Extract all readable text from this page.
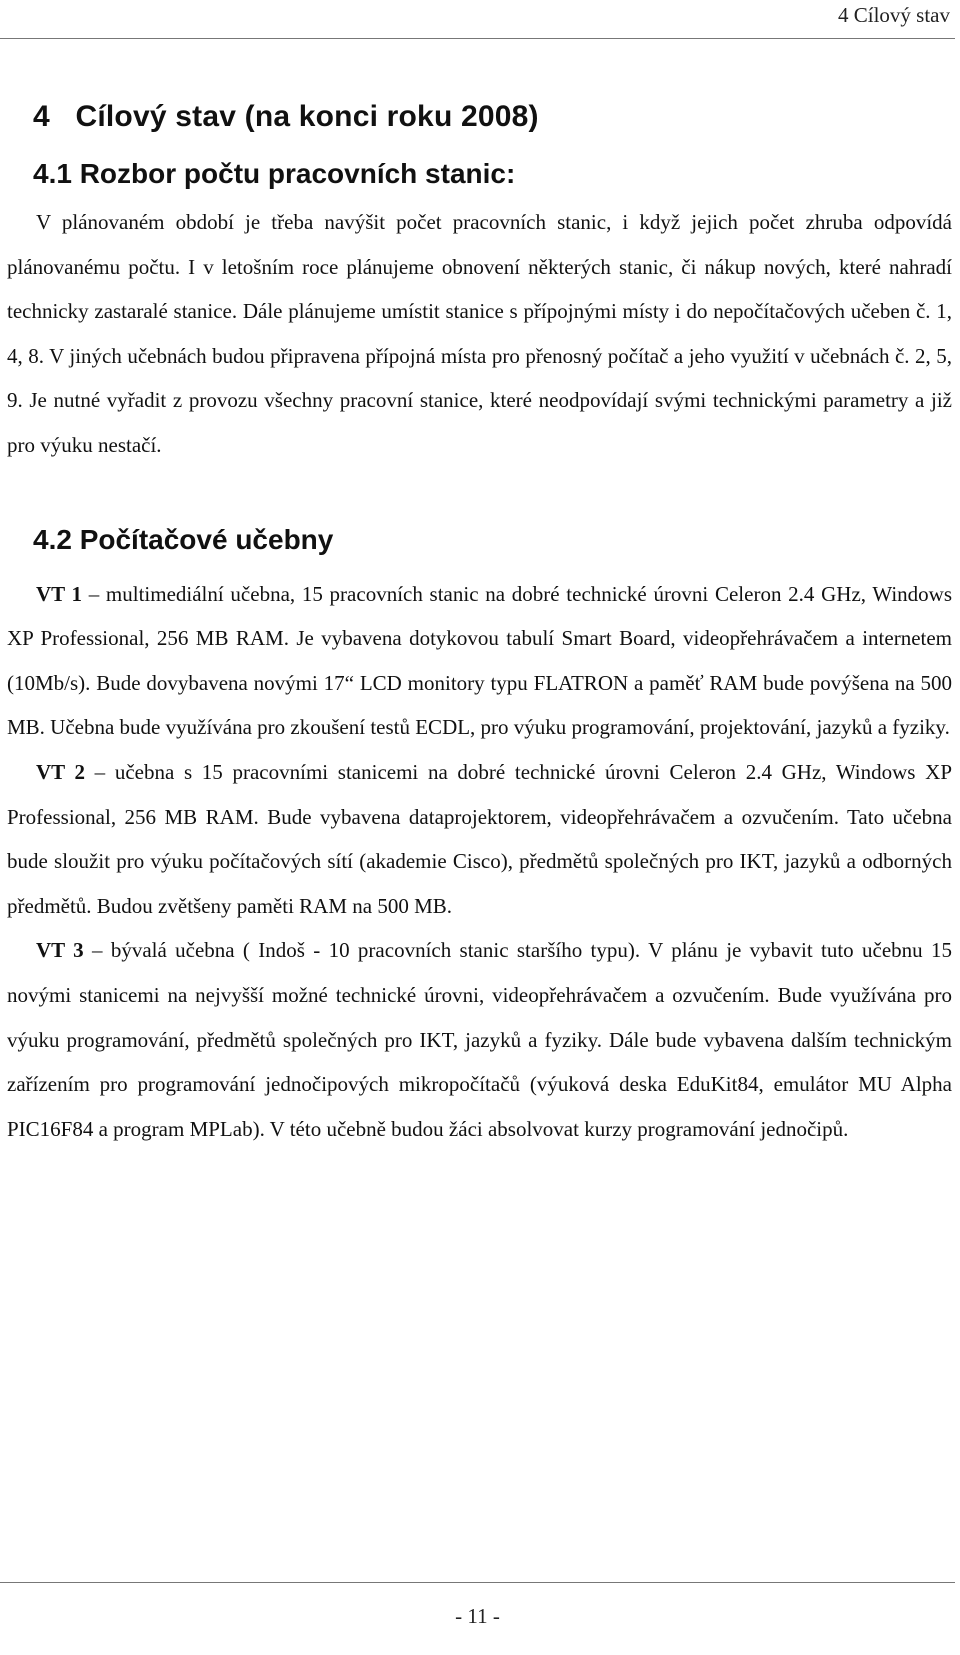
4 Cílový stav
4   Cílový stav (na konci roku 2008)
4.1 Rozbor počtu pracovních stanic:

V plánovaném období je třeba navýšit počet pracovních stanic, i když jejich počet zhruba odpovídá plánovanému počtu. I v letošním roce plánujeme obnovení některých stanic, či nákup nových, které nahradí technicky zastaralé stanice. Dále plánujeme umístit stanice s přípojnými místy i do nepočítačových učeben č. 1, 4, 8. V jiných učebnách budou připravena přípojná místa pro přenosný počítač a jeho využití v učebnách č. 2, 5, 9. Je nutné vyřadit z provozu všechny pracovní stanice, které neodpovídají svými technickými parametry a již pro výuku nestačí.

4.2 Počítačové učebny

VT 1 – multimediální učebna, 15 pracovních stanic na dobré technické úrovni Celeron 2.4 GHz, Windows XP Professional, 256 MB RAM. Je vybavena dotykovou tabulí Smart Board, videopřehrávačem a internetem (10Mb/s). Bude dovybavena novými 17“ LCD monitory typu FLATRON a paměť RAM bude povýšena na 500 MB. Učebna bude využívána pro zkoušení testů ECDL, pro výuku programování, projektování, jazyků a fyziky.

VT 2 – učebna s 15 pracovními stanicemi na dobré technické úrovni Celeron 2.4 GHz, Windows XP Professional, 256 MB RAM. Bude vybavena dataprojektorem, videopřehrávačem a ozvučením. Tato učebna bude sloužit pro výuku počítačových sítí (akademie Cisco), předmětů společných pro IKT, jazyků a odborných předmětů. Budou zvětšeny paměti RAM na 500 MB.

VT 3 – bývalá učebna ( Indoš - 10 pracovních stanic staršího typu). V plánu je vybavit tuto učebnu 15 novými stanicemi na nejvyšší možné technické úrovni, videopřehrávačem a ozvučením. Bude využívána pro výuku programování, předmětů společných pro IKT, jazyků a fyziky. Dále bude vybavena dalším technickým zařízením pro programování jednočipových mikropočítačů (výuková deska EduKit84, emulátor MU Alpha PIC16F84 a program MPLab). V této učebně budou žáci absolvovat kurzy programování jednočipů.

- 11 -
